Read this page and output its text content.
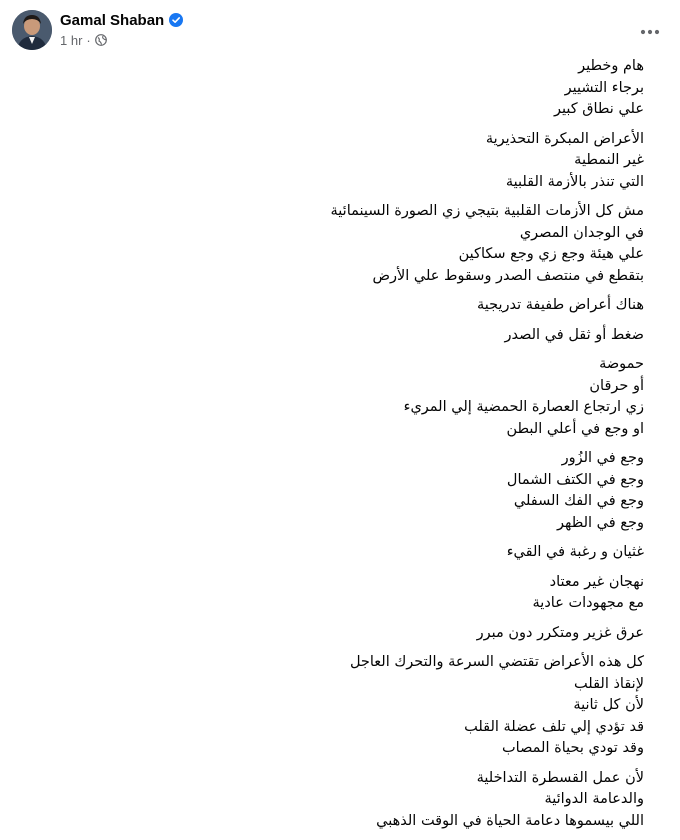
Gamal Shaban
1 hr ·
هام وخطير
برجاء التشيير
علي نطاق كبير
الأعراض المبكرة التحذيرية
غير النمطية
التي تنذر بالأزمة القلبية
مش كل الأزمات القلبية بتيجي زي الصورة السينمائية
في الوجدان المصري
علي هيئة وجع زي وجع سكاكين
بتقطع في منتصف الصدر وسقوط علي الأرض
هناك أعراض طفيفة تدريجية
ضغط أو ثقل في الصدر
حموضة
أو حرقان
زي ارتجاع العصارة الحمضية إلي المريء
او وجع في أعلي البطن
وجع في الزُور
وجع في الكتف الشمال
وجع في الفك السفلي
وجع في الظهر
غثيان و رغبة في القيء
نهجان غير معتاد
مع مجهودات عادية
عرق غزير ومتكرر دون مبرر
كل هذه الأعراض تقتضي السرعة والتحرك العاجل
لإنقاذ القلب
لأن كل ثانية
قد تؤدي إلي تلف عضلة القلب
وقد تودي بحياة المصاب
لأن عمل القسطرة التداخلية
والدعامة الدوائية
اللي بيسموها دعامة الحياة في الوقت الذهبي
